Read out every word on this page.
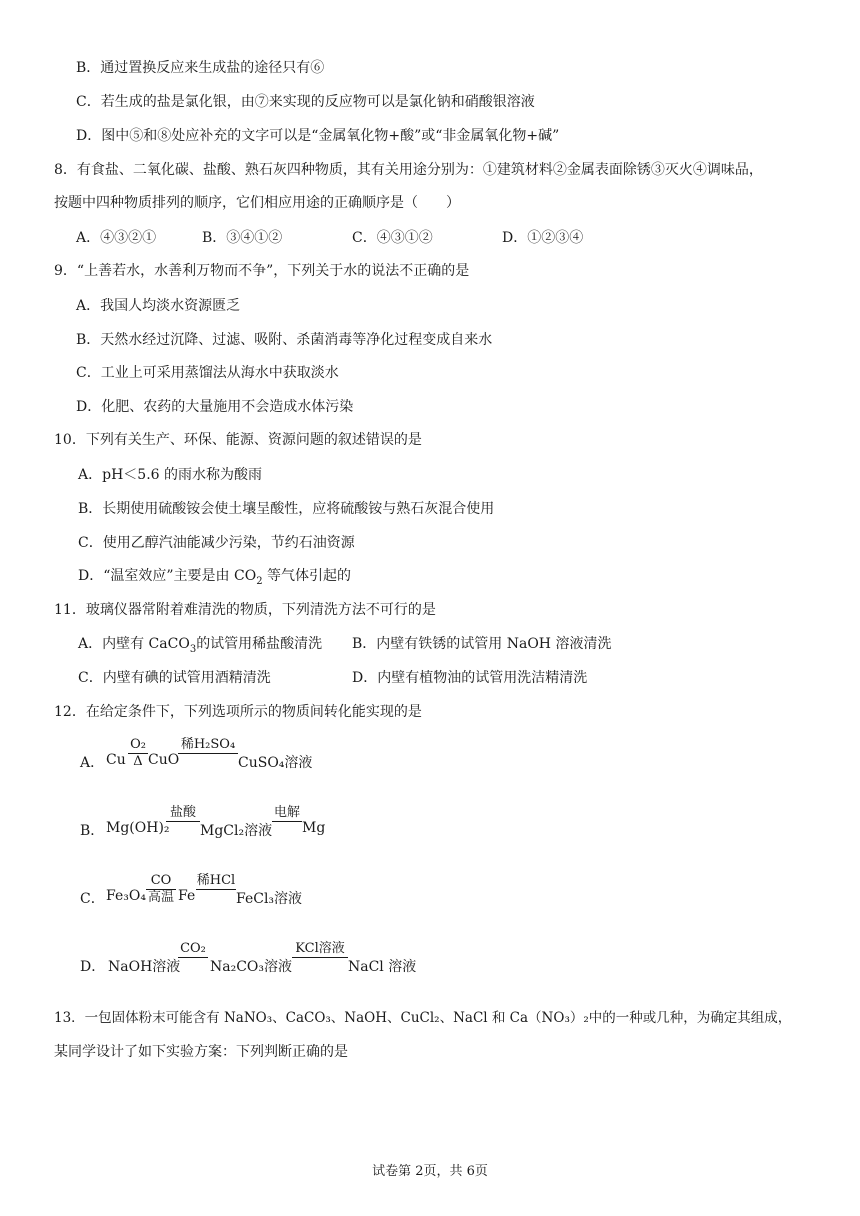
B．通过置换反应来生成盐的途径只有⑥
C．若生成的盐是氯化银，由⑦来实现的反应物可以是氯化钠和硝酸银溶液
D．图中⑤和⑧处应补充的文字可以是“金属氧化物+酸”或“非金属氧化物+碱”
8．有食盐、二氧化碳、盐酸、熟石灰四种物质，其有关用途分别为：①建筑材料②金属表面除锈③灭火④调味品，
按题中四种物质排列的顺序，它们相应用途的正确顺序是（　　）
A．④③②①	B．③④①②	C．④③①②	D．①②③④
9．“上善若水，水善利万物而不争”，下列关于水的说法不正确的是
A．我国人均淡水资源匮乏
B．天然水经过沉降、过滤、吸附、杀菌消毒等净化过程变成自来水
C．工业上可采用蒸馏法从海水中获取淡水
D．化肥、农药的大量施用不会造成水体污染
10．下列有关生产、环保、能源、资源问题的叙述错误的是
A．pH＜5.6 的雨水称为酸雨
B．长期使用硫酸铵会使土壤呈酸性，应将硫酸铵与熟石灰混合使用
C．使用乙醇汽油能减少污染，节约石油资源
D．“温室效应”主要是由 $CO_2$ 等气体引起的
11．玻璃仪器常附着难清洗的物质，下列清洗方法不可行的是
A．内壁有 CaCO$_3$的试管用稀盐酸清洗 B．内壁有铁锈的试管用 NaOH 溶液清洗
C．内壁有碘的试管用酒精清洗	D．内壁有植物油的试管用洗洁精清洗
12．在给定条件下，下列选项所示的物质间转化能实现的是
A． Cu
O₂
Δ CuO
稀H₂SO₄
CuSO₄溶液
B． Mg(OH)₂
盐酸
MgCl₂溶液
电解
Mg
C． Fe₃O₄
CO
高温 Fe
稀HCl
FeCl₃溶液
D． NaOH溶液
CO₂
Na₂CO₃溶液
KCl溶液
NaCl 溶液
13．一包固体粉末可能含有 NaNO₃、CaCO₃、NaOH、CuCl₂、NaCl 和 Ca（NO₃）₂中的一种或几种，为确定其组成，
某同学设计了如下实验方案：下列判断正确的是
试卷第 2页，共 6页
